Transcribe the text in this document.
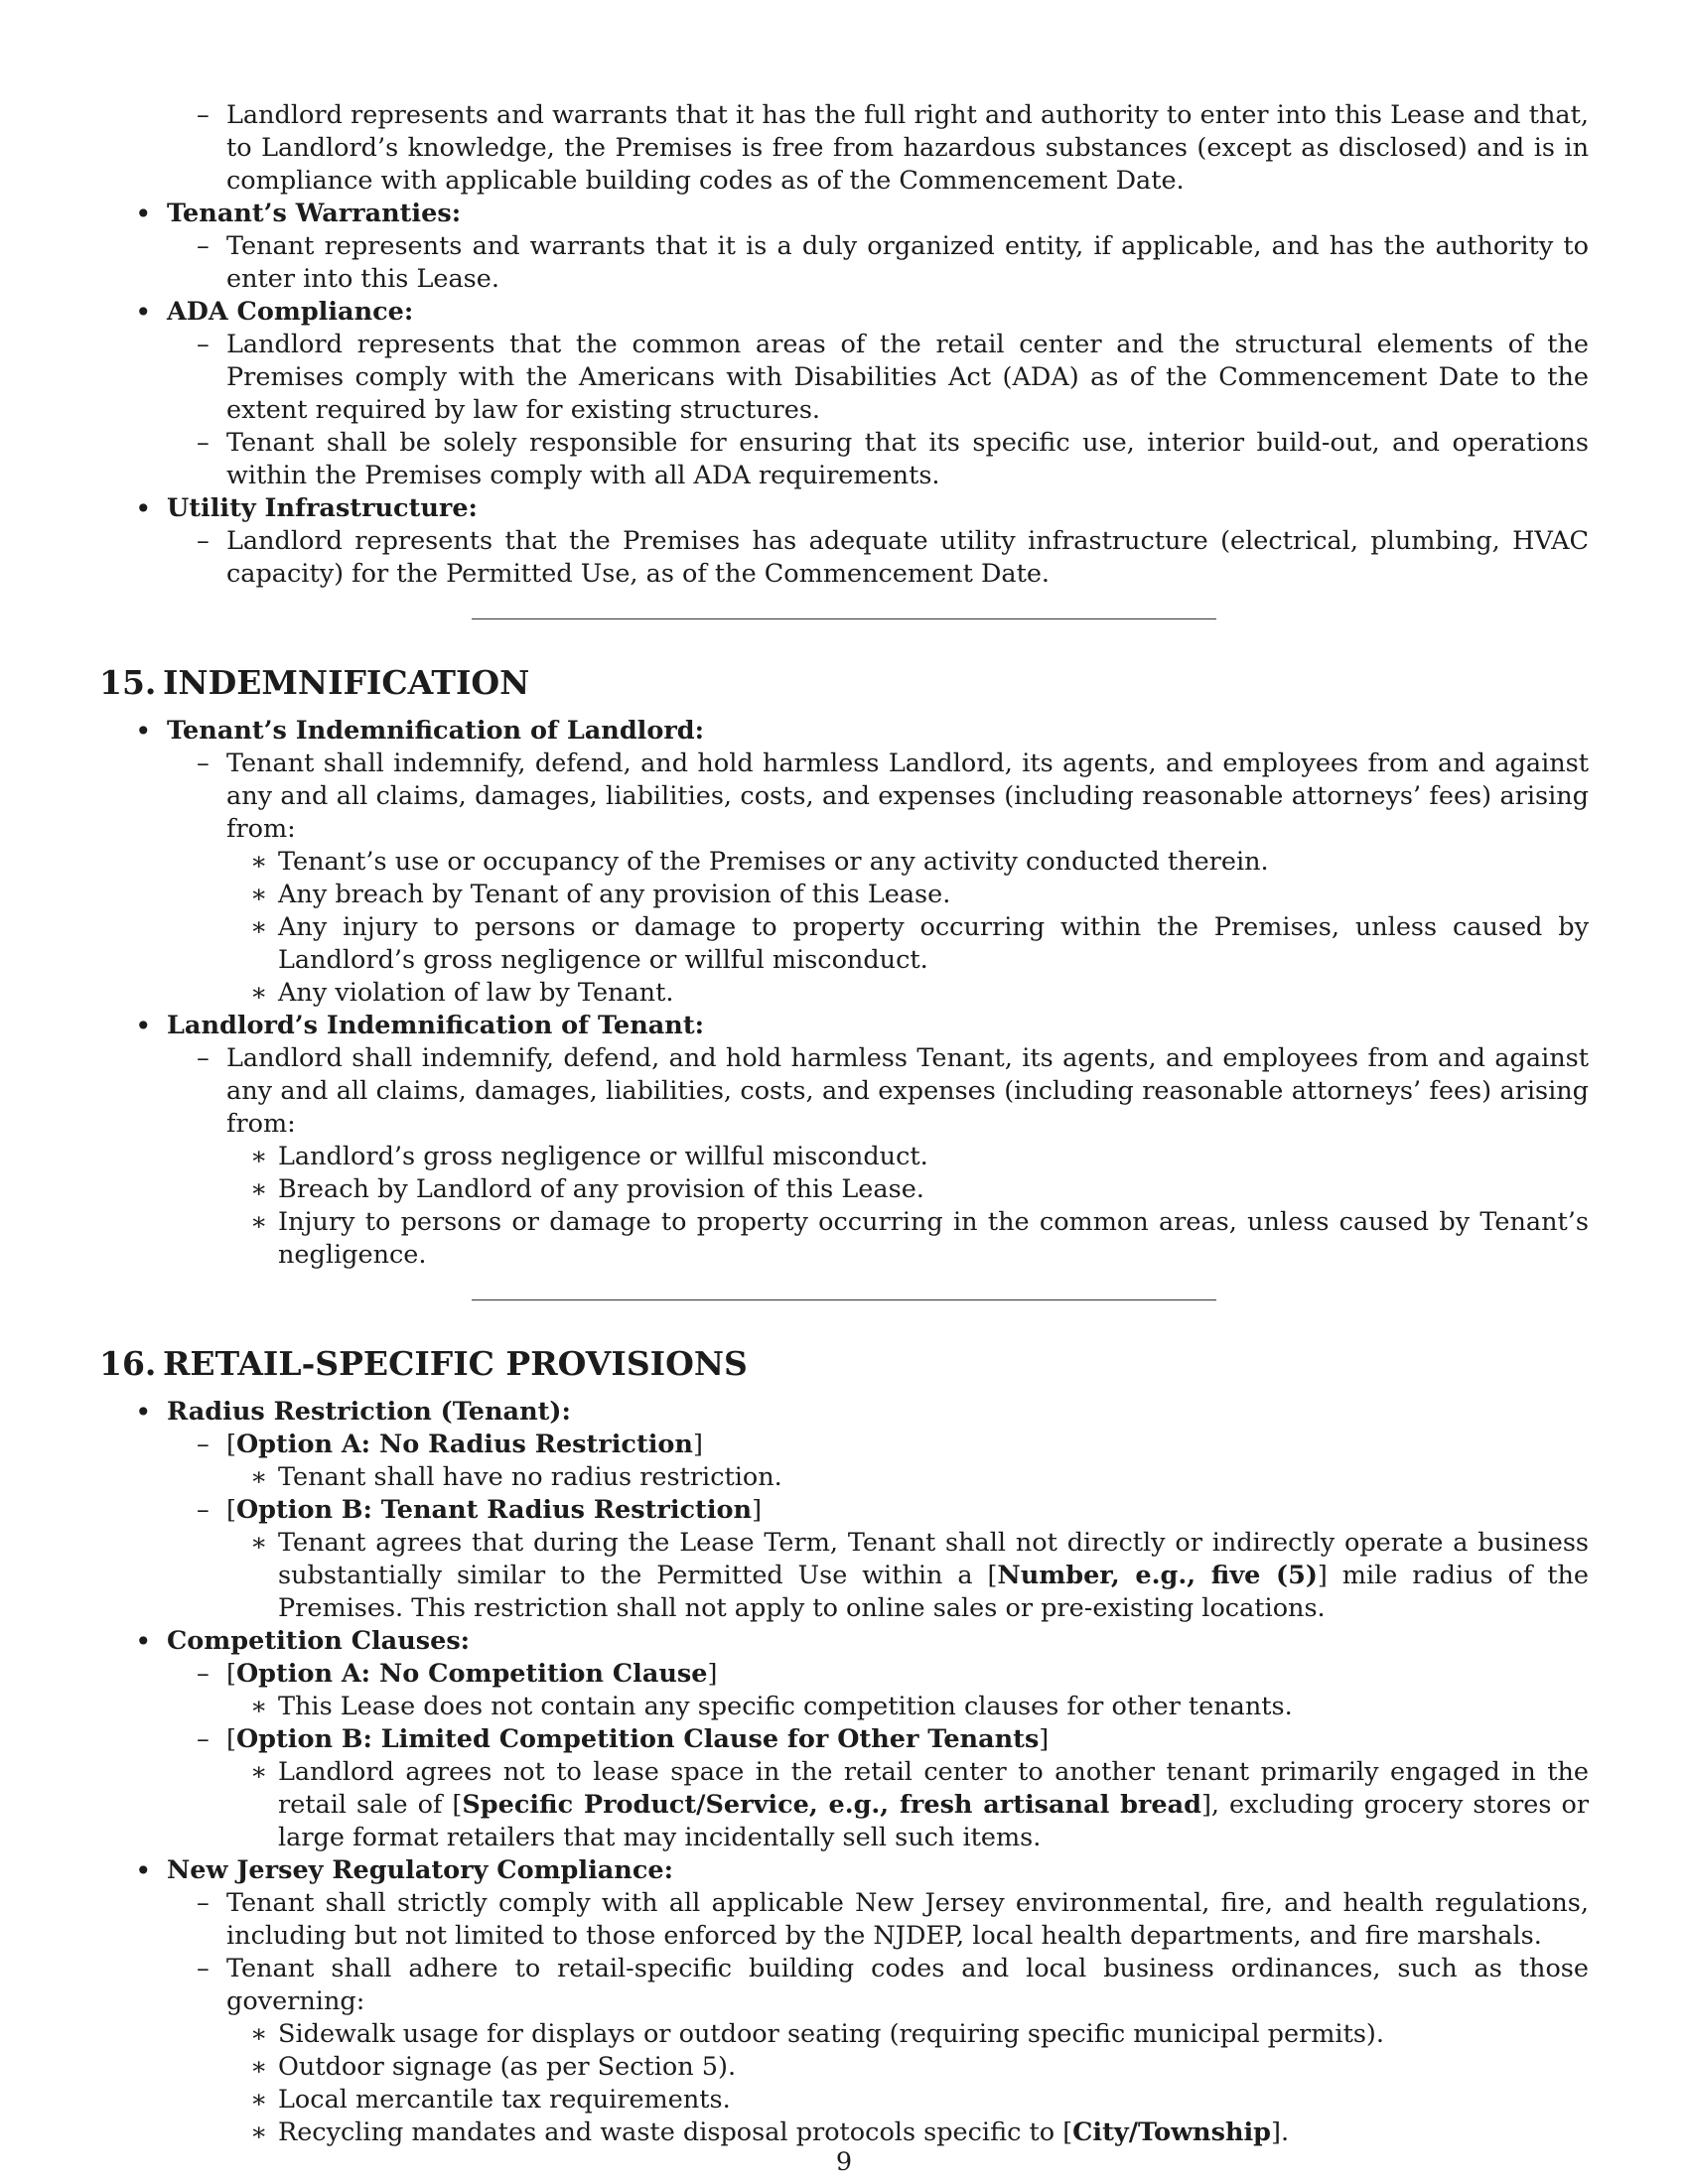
– Landlord represents and warrants that it has the full right and authority to enter into this Lease and that, to Landlord’s knowledge, the Premises is free from hazardous substances (except as disclosed) and is in compliance with applicable building codes as of the Commencement Date.
• Tenant’s Warranties:
– Tenant represents and warrants that it is a duly organized entity, if applicable, and has the authority to enter into this Lease.
• ADA Compliance:
– Landlord represents that the common areas of the retail center and the structural elements of the Premises comply with the Americans with Disabilities Act (ADA) as of the Commencement Date to the extent required by law for existing structures.
– Tenant shall be solely responsible for ensuring that its specific use, interior build-out, and operations within the Premises comply with all ADA requirements.
• Utility Infrastructure:
– Landlord represents that the Premises has adequate utility infrastructure (electrical, plumbing, HVAC capacity) for the Permitted Use, as of the Commencement Date.
15. INDEMNIFICATION
• Tenant’s Indemnification of Landlord:
– Tenant shall indemnify, defend, and hold harmless Landlord, its agents, and employees from and against any and all claims, damages, liabilities, costs, and expenses (including reasonable attorneys’ fees) arising from:
∗ Tenant’s use or occupancy of the Premises or any activity conducted therein.
∗ Any breach by Tenant of any provision of this Lease.
∗ Any injury to persons or damage to property occurring within the Premises, unless caused by Landlord’s gross negligence or willful misconduct.
∗ Any violation of law by Tenant.
• Landlord’s Indemnification of Tenant:
– Landlord shall indemnify, defend, and hold harmless Tenant, its agents, and employees from and against any and all claims, damages, liabilities, costs, and expenses (including reasonable attorneys’ fees) arising from:
∗ Landlord’s gross negligence or willful misconduct.
∗ Breach by Landlord of any provision of this Lease.
∗ Injury to persons or damage to property occurring in the common areas, unless caused by Tenant’s negligence.
16. RETAIL-SPECIFIC PROVISIONS
• Radius Restriction (Tenant):
– [Option A: No Radius Restriction]
∗ Tenant shall have no radius restriction.
– [Option B: Tenant Radius Restriction]
∗ Tenant agrees that during the Lease Term, Tenant shall not directly or indirectly operate a business substantially similar to the Permitted Use within a [Number, e.g., five (5)] mile radius of the Premises. This restriction shall not apply to online sales or pre-existing locations.
• Competition Clauses:
– [Option A: No Competition Clause]
∗ This Lease does not contain any specific competition clauses for other tenants.
– [Option B: Limited Competition Clause for Other Tenants]
∗ Landlord agrees not to lease space in the retail center to another tenant primarily engaged in the retail sale of [Specific Product/Service, e.g., fresh artisanal bread], excluding grocery stores or large format retailers that may incidentally sell such items.
• New Jersey Regulatory Compliance:
– Tenant shall strictly comply with all applicable New Jersey environmental, fire, and health regulations, including but not limited to those enforced by the NJDEP, local health departments, and fire marshals.
– Tenant shall adhere to retail-specific building codes and local business ordinances, such as those governing:
∗ Sidewalk usage for displays or outdoor seating (requiring specific municipal permits).
∗ Outdoor signage (as per Section 5).
∗ Local mercantile tax requirements.
∗ Recycling mandates and waste disposal protocols specific to [City/Township].
9
